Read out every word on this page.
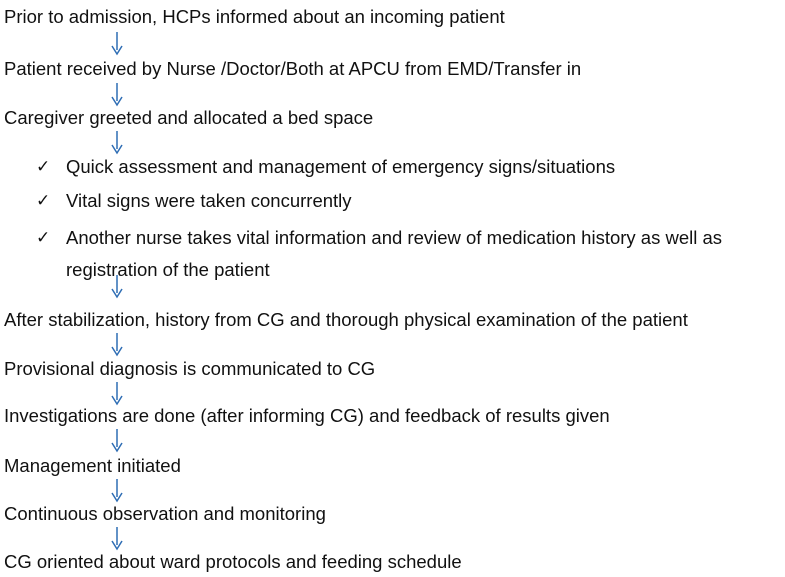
Prior to admission, HCPs informed about an incoming patient
Patient received by Nurse /Doctor/Both at APCU from EMD/Transfer in
Caregiver greeted and allocated a bed space
✓ Quick assessment and management of emergency signs/situations
✓ Vital signs were taken concurrently
✓ Another nurse takes vital information and review of medication history as well as registration of the patient
After stabilization, history from CG and thorough physical examination of the patient
Provisional diagnosis is communicated to CG
Investigations are done (after informing CG) and feedback of results given
Management initiated
Continuous observation and monitoring
CG oriented about ward protocols and feeding schedule
